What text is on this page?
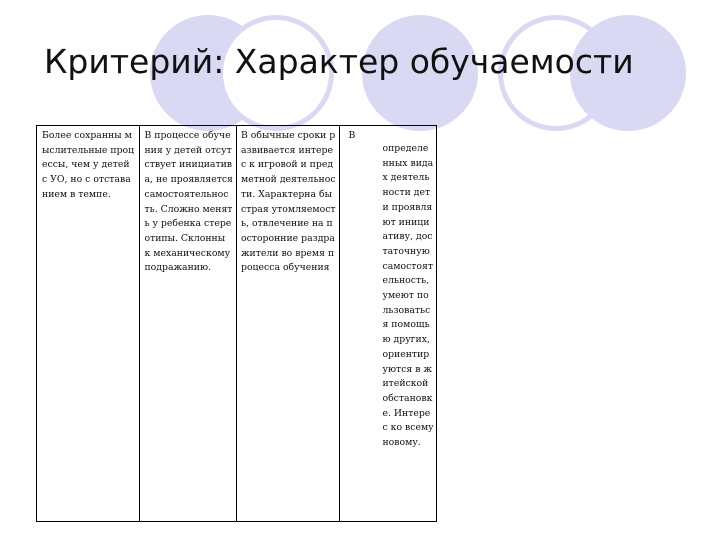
Критерий: Характер обучаемости
Более сохранны мыслительные процессы, чем у детей с УО, но с отставанием в темпе.
В процессе обучения у детей отсутствует инициатива, не проявляется самостоятельность. Сложно менять у ребенка стереотипы. Склонны к механическому подражанию.
В обычные сроки развивается интерес к игровой и предметной деятельности. Характерна быстрая утомляемость, отвлечение на посторонние раздражители во время процесса обучения
В
определенных видах деятельности дети проявляют инициативу, достаточную самостоятельность, умеют пользоваться помощью других, ориентируются в житейской обстановке. Интерес ко всему новому.
